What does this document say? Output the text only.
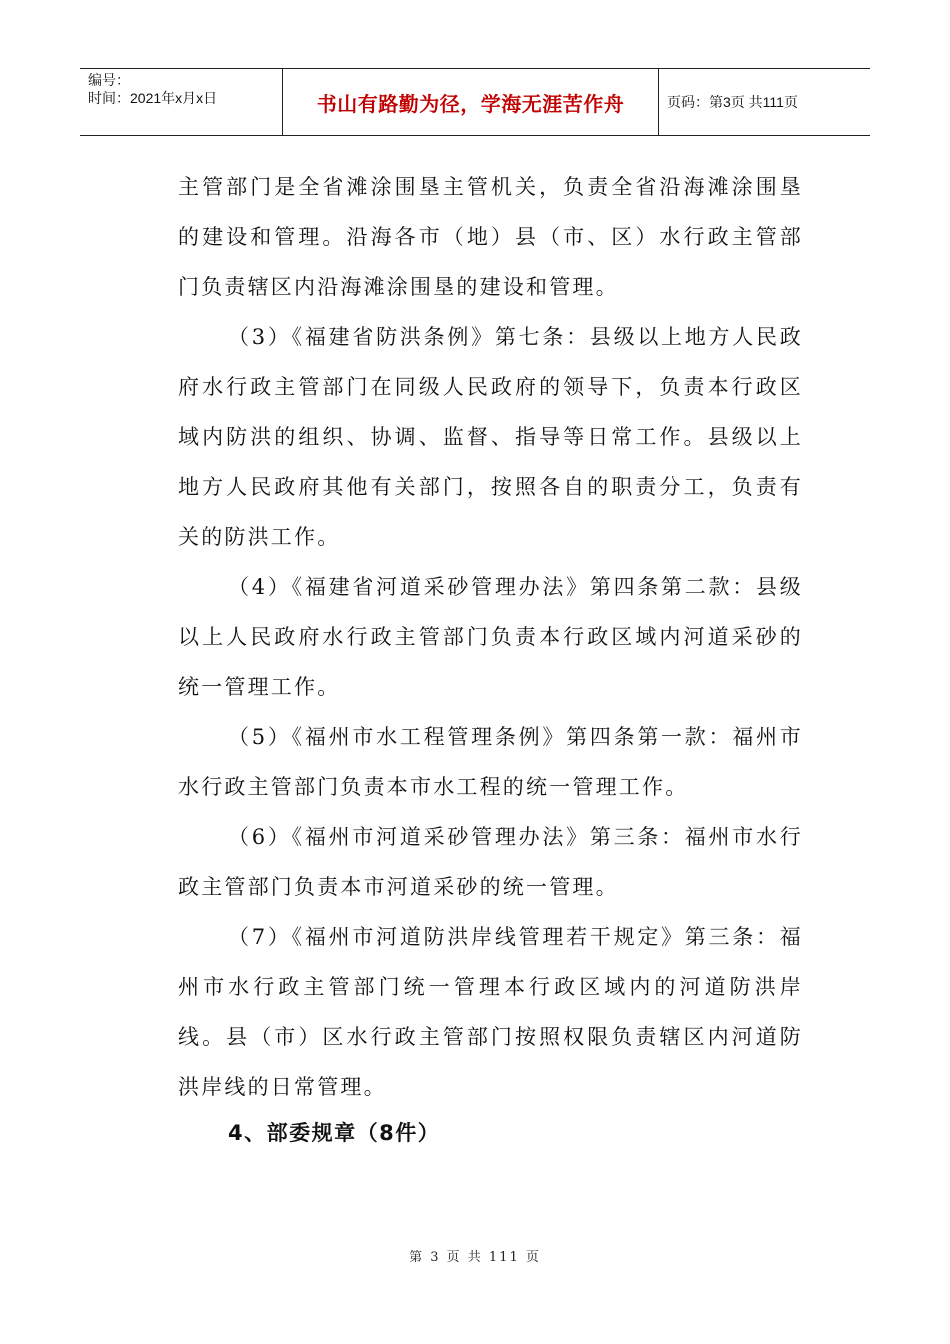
编号：
时间：2021年x月x日	书山有路勤为径，学海无涯苦作舟	页码：第3页 共111页

主管部门是全省滩涂围垦主管机关，负责全省沿海滩涂围垦的建设和管理。沿海各市（地）县（市、区）水行政主管部门负责辖区内沿海滩涂围垦的建设和管理。

（3）《福建省防洪条例》第七条：县级以上地方人民政府水行政主管部门在同级人民政府的领导下，负责本行政区域内防洪的组织、协调、监督、指导等日常工作。县级以上地方人民政府其他有关部门，按照各自的职责分工，负责有关的防洪工作。

（4）《福建省河道采砂管理办法》第四条第二款：县级以上人民政府水行政主管部门负责本行政区域内河道采砂的统一管理工作。

（5）《福州市水工程管理条例》第四条第一款：福州市水行政主管部门负责本市水工程的统一管理工作。

（6）《福州市河道采砂管理办法》第三条：福州市水行政主管部门负责本市河道采砂的统一管理。

（7）《福州市河道防洪岸线管理若干规定》第三条：福州市水行政主管部门统一管理本行政区域内的河道防洪岸线。县（市）区水行政主管部门按照权限负责辖区内河道防洪岸线的日常管理。

4、部委规章（8件）

第 3 页 共 111 页
